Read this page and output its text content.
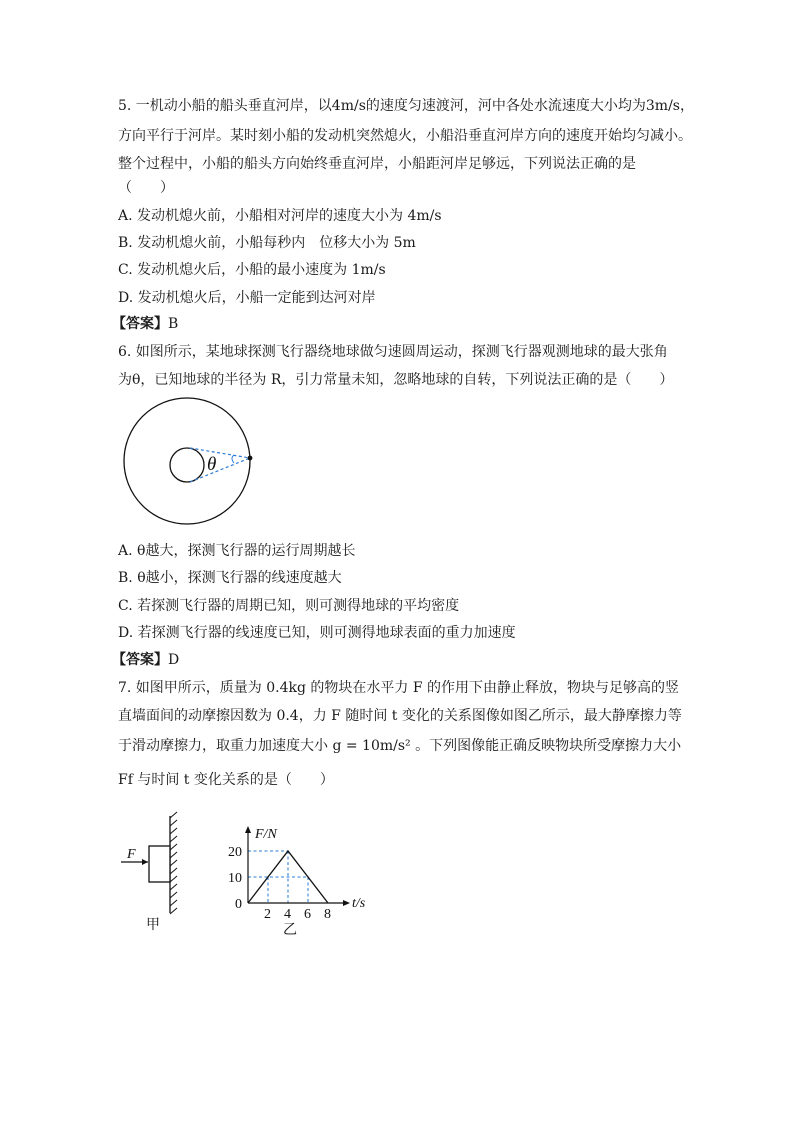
5. 一机动小船的船头垂直河岸，以4m/s的速度匀速渡河，河中各处水流速度大小均为3m/s，
方向平行于河岸。某时刻小船的发动机突然熄火，小船沿垂直河岸方向的速度开始均匀减小。
整个过程中，小船的船头方向始终垂直河岸，小船距河岸足够远，下列说法正确的是
（　　）
A. 发动机熄火前，小船相对河岸的速度大小为 4m/s
B. 发动机熄火前，小船每秒内　位移大小为 5m
C. 发动机熄火后，小船的最小速度为 1m/s
D. 发动机熄火后，小船一定能到达河对岸
【答案】B
6. 如图所示，某地球探测飞行器绕地球做匀速圆周运动，探测飞行器观测地球的最大张角
为θ，已知地球的半径为 R，引力常量未知，忽略地球的自转，下列说法正确的是（　　）
θ
A. θ越大，探测飞行器的运行周期越长
B. θ越小，探测飞行器的线速度越大
C. 若探测飞行器的周期已知，则可测得地球的平均密度
D. 若探测飞行器的线速度已知，则可测得地球表面的重力加速度
【答案】D
7. 如图甲所示，质量为 0.4kg 的物块在水平力 F 的作用下由静止释放，物块与足够高的竖
直墙面间的动摩擦因数为 0.4，力 F 随时间 t 变化的关系图像如图乙所示，最大静摩擦力等
于滑动摩擦力，取重力加速度大小 g = 10m/s² 。下列图像能正确反映物块所受摩擦力大小
Ff 与时间 t 变化关系的是（　　）
F
甲
2 4 6 8
10
20
0	t/s
F/N
乙
